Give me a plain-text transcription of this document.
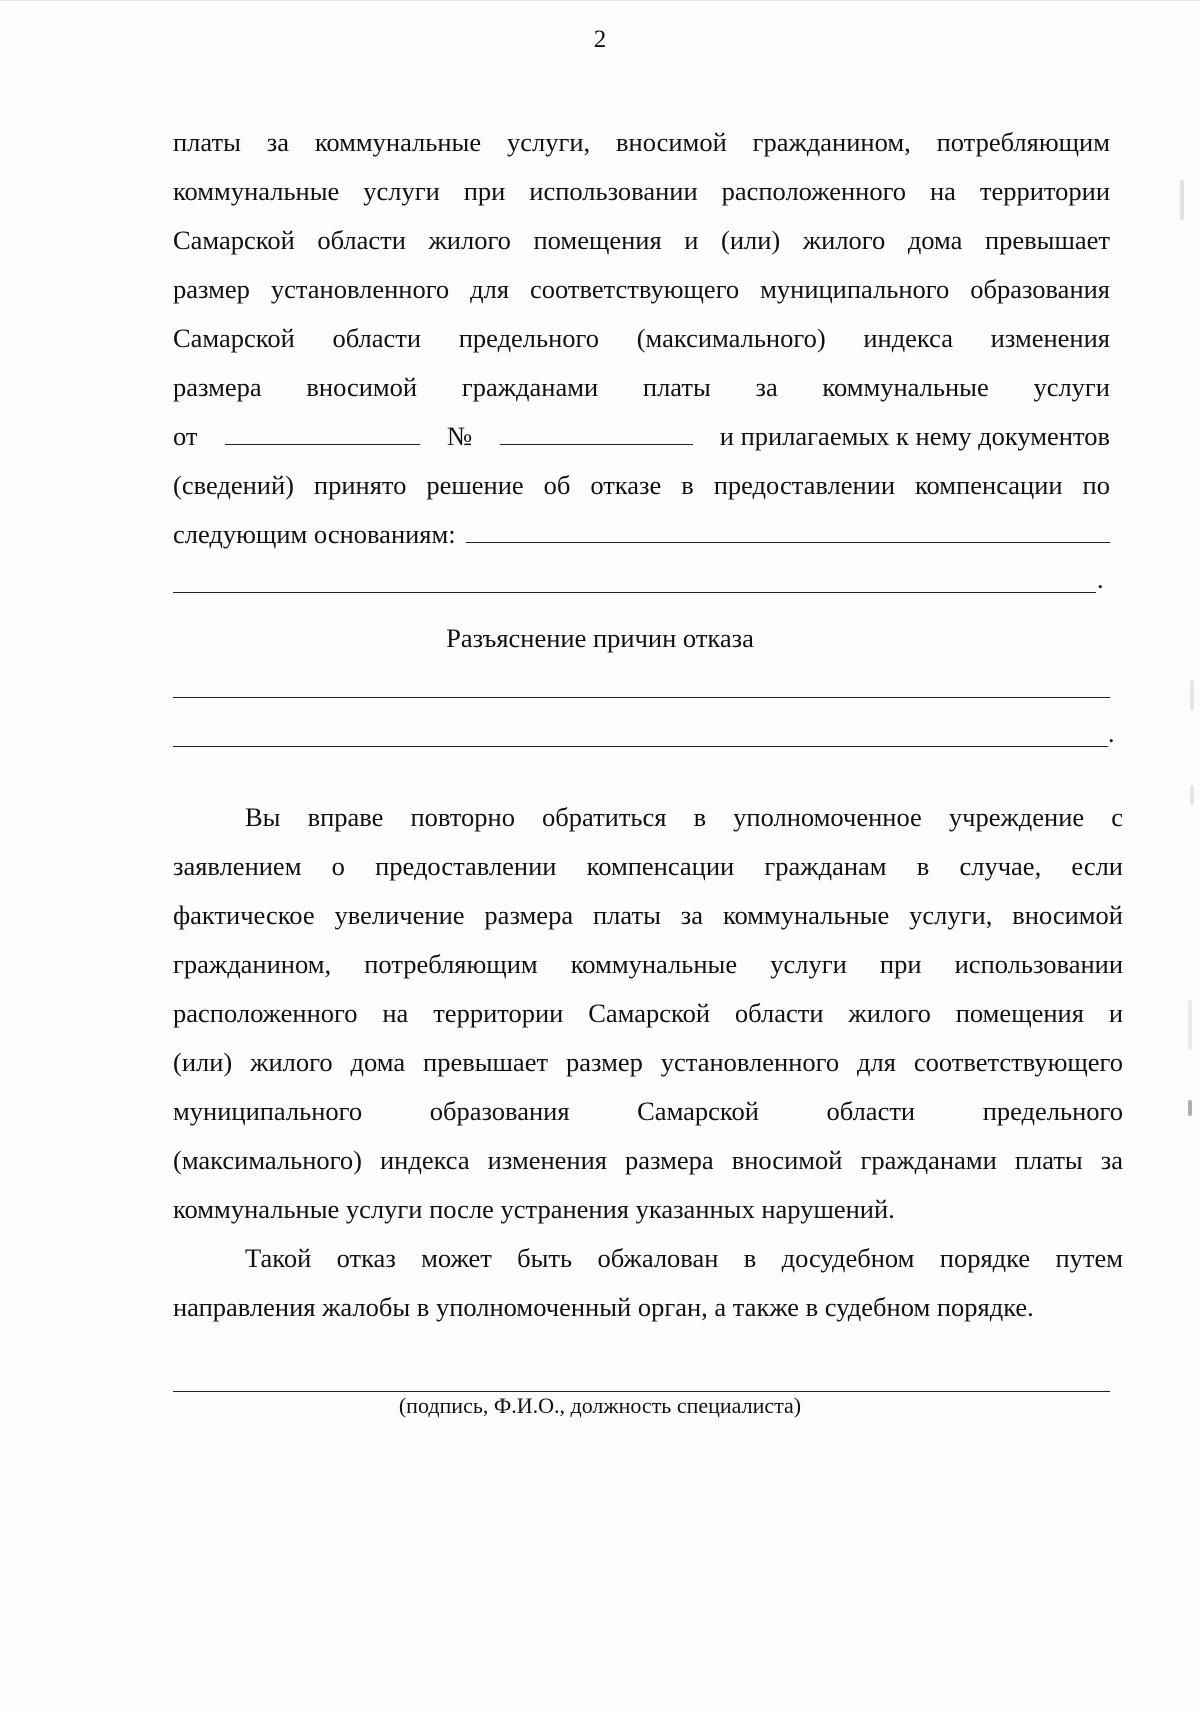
2
платы за коммунальные услуги, вносимой гражданином, потребляющим
коммунальные услуги при использовании расположенного на территории
Самарской области жилого помещения и (или) жилого дома превышает
размер установленного для соответствующего муниципального образования
Самарской области предельного (максимального) индекса изменения
размера вносимой гражданами платы за коммунальные услуги
от	№	и прилагаемых к нему документов
(сведений) принято решение об отказе в предоставлении компенсации по
следующим основаниям:
.
Разъяснение причин отказа
.
Вы вправе повторно обратиться в уполномоченное учреждение с
заявлением о предоставлении компенсации гражданам в случае, если
фактическое увеличение размера платы за коммунальные услуги, вносимой
гражданином, потребляющим коммунальные услуги при использовании
расположенного на территории Самарской области жилого помещения и
(или) жилого дома превышает размер установленного для соответствующего
муниципального образования Самарской области предельного
(максимального) индекса изменения размера вносимой гражданами платы за
коммунальные услуги после устранения указанных нарушений.
Такой отказ может быть обжалован в досудебном порядке путем
направления жалобы в уполномоченный орган, а также в судебном порядке.
(подпись, Ф.И.О., должность специалиста)
